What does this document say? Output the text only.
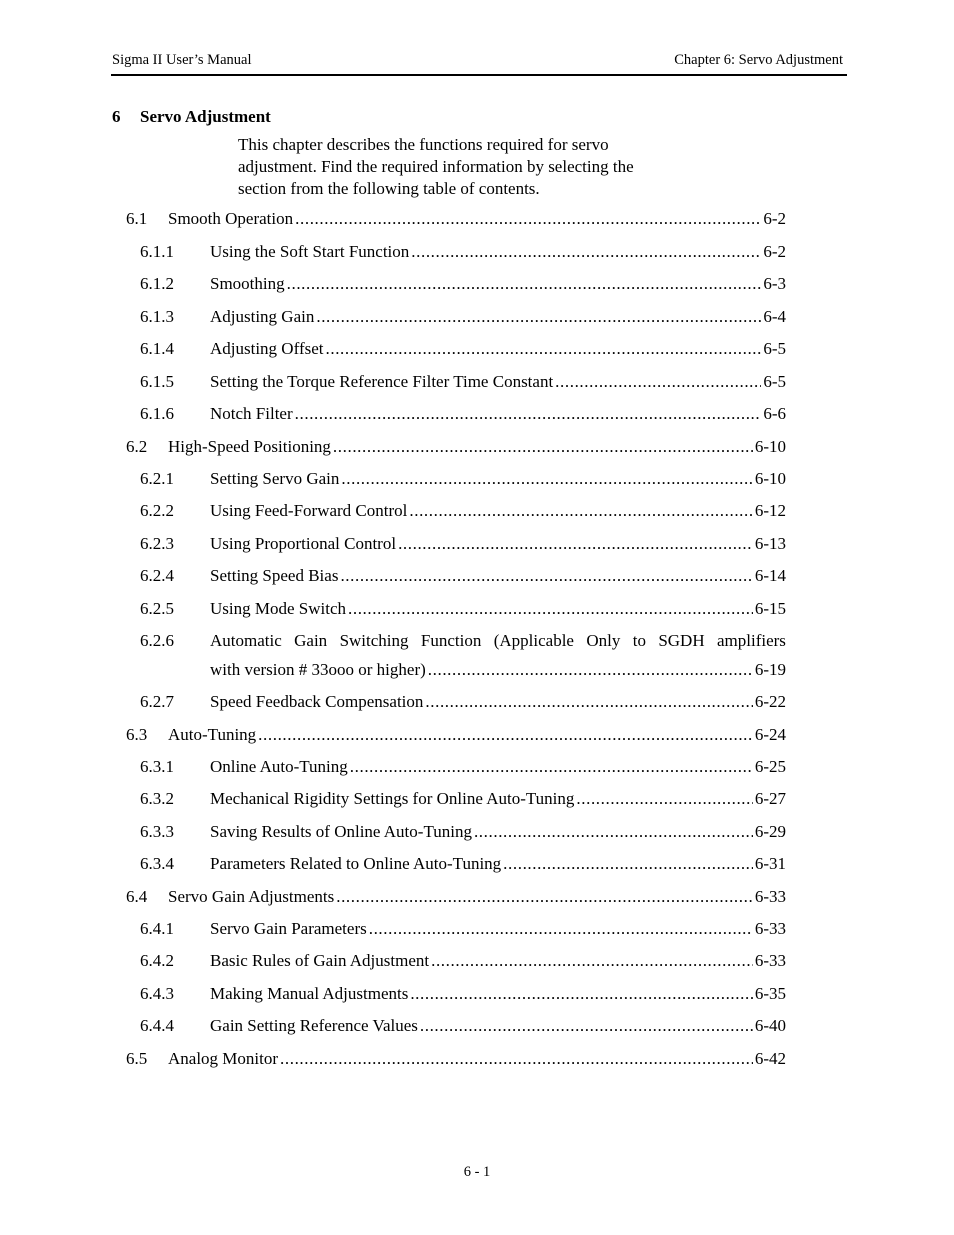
Sigma II User’s Manual	Chapter 6: Servo Adjustment
6 Servo Adjustment
This chapter describes the functions required for servo
adjustment. Find the required information by selecting the
section from the following table of contents.
6.1 Smooth Operation .....	6-2
6.1.1 Using the Soft Start Function .....	6-2
6.1.2 Smoothing .....	6-3
6.1.3 Adjusting Gain .....	6-4
6.1.4 Adjusting Offset .....	6-5
6.1.5 Setting the Torque Reference Filter Time Constant .....	6-5
6.1.6 Notch Filter .....	6-6
6.2 High-Speed Positioning .....	6-10
6.2.1 Setting Servo Gain .....	6-10
6.2.2 Using Feed-Forward Control .....	6-12
6.2.3 Using Proportional Control .....	6-13
6.2.4 Setting Speed Bias .....	6-14
6.2.5 Using Mode Switch .....	6-15
6.2.6 Automatic Gain Switching Function (Applicable Only to SGDH amplifiers
with version # 33ooo or higher) .....	6-19
6.2.7 Speed Feedback Compensation .....	6-22
6.3 Auto-Tuning .....	6-24
6.3.1 Online Auto-Tuning .....	6-25
6.3.2 Mechanical Rigidity Settings for Online Auto-Tuning .....	6-27
6.3.3 Saving Results of Online Auto-Tuning .....	6-29
6.3.4 Parameters Related to Online Auto-Tuning .....	6-31
6.4 Servo Gain Adjustments .....	6-33
6.4.1 Servo Gain Parameters .....	6-33
6.4.2 Basic Rules of Gain Adjustment .....	6-33
6.4.3 Making Manual Adjustments .....	6-35
6.4.4 Gain Setting Reference Values .....	6-40
6.5 Analog Monitor .....	6-42
6 - 1
